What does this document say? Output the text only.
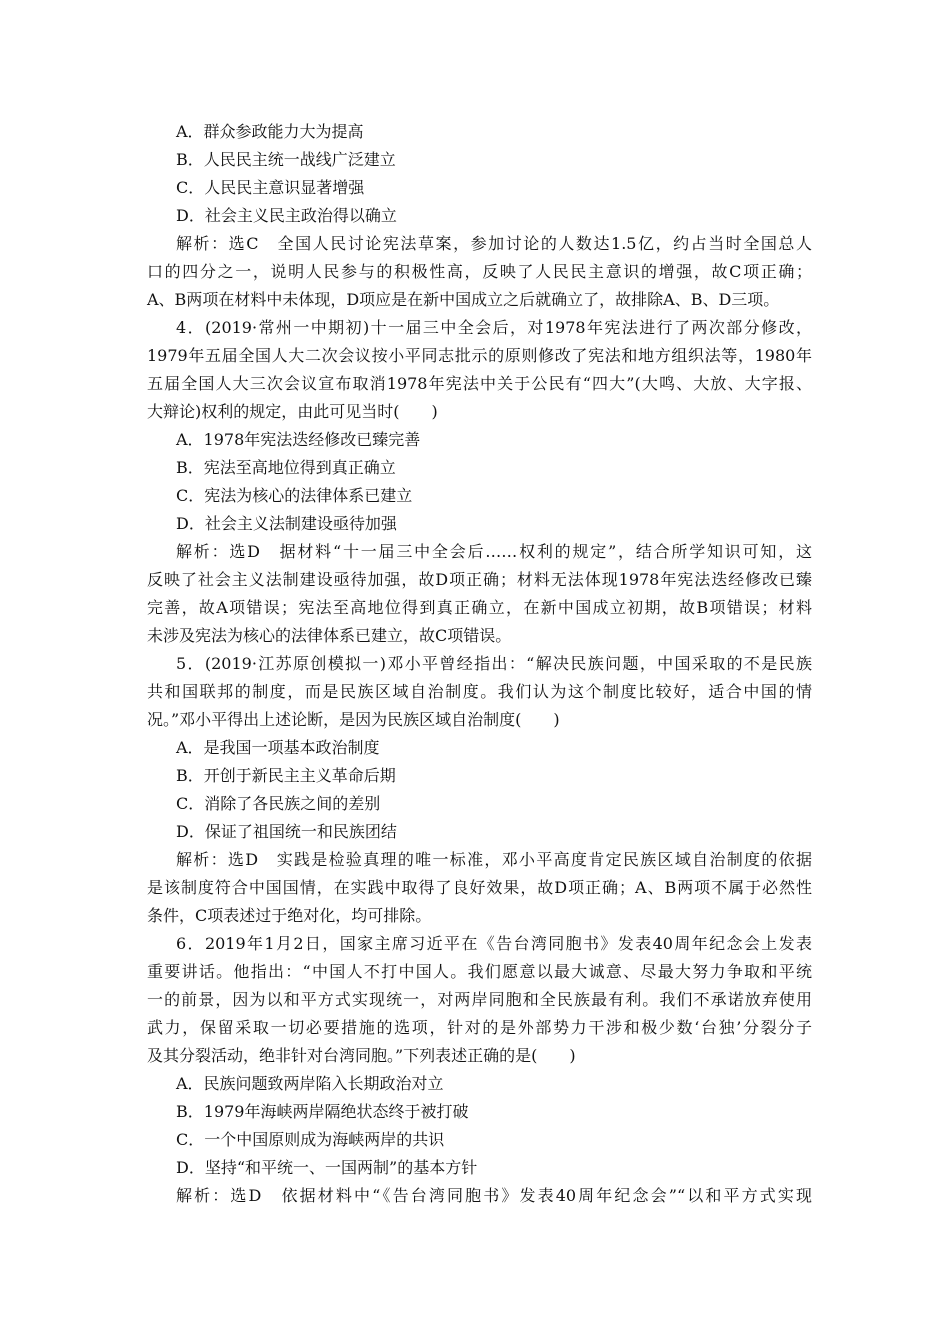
A．群众参政能力大为提高
B．人民民主统一战线广泛建立
C．人民民主意识显著增强
D．社会主义民主政治得以确立
解析：选C　全国人民讨论宪法草案，参加讨论的人数达1.5亿，约占当时全国总人
口的四分之一，说明人民参与的积极性高，反映了人民民主意识的增强，故C项正确；
A、B两项在材料中未体现，D项应是在新中国成立之后就确立了，故排除A、B、D三项。
4．(2019·常州一中期初)十一届三中全会后，对1978年宪法进行了两次部分修改，
1979年五届全国人大二次会议按小平同志批示的原则修改了宪法和地方组织法等，1980年
五届全国人大三次会议宣布取消1978年宪法中关于公民有“四大”(大鸣、大放、大字报、
大辩论)权利的规定，由此可见当时(　　)
A．1978年宪法迭经修改已臻完善
B．宪法至高地位得到真正确立
C．宪法为核心的法律体系已建立
D．社会主义法制建设亟待加强
解析：选D　据材料“十一届三中全会后……权利的规定”，结合所学知识可知，这
反映了社会主义法制建设亟待加强，故D项正确；材料无法体现1978年宪法迭经修改已臻
完善，故A项错误；宪法至高地位得到真正确立，在新中国成立初期，故B项错误；材料
未涉及宪法为核心的法律体系已建立，故C项错误。
5．(2019·江苏原创模拟一)邓小平曾经指出：“解决民族问题，中国采取的不是民族
共和国联邦的制度，而是民族区域自治制度。我们认为这个制度比较好，适合中国的情
况。”邓小平得出上述论断，是因为民族区域自治制度(　　)
A．是我国一项基本政治制度
B．开创于新民主主义革命后期
C．消除了各民族之间的差别
D．保证了祖国统一和民族团结
解析：选D　实践是检验真理的唯一标准，邓小平高度肯定民族区域自治制度的依据
是该制度符合中国国情，在实践中取得了良好效果，故D项正确；A、B两项不属于必然性
条件，C项表述过于绝对化，均可排除。
6．2019年1月2日，国家主席习近平在《告台湾同胞书》发表40周年纪念会上发表
重要讲话。他指出：“中国人不打中国人。我们愿意以最大诚意、尽最大努力争取和平统
一的前景，因为以和平方式实现统一，对两岸同胞和全民族最有利。我们不承诺放弃使用
武力，保留采取一切必要措施的选项，针对的是外部势力干涉和极少数‘台独’分裂分子
及其分裂活动，绝非针对台湾同胞。”下列表述正确的是(　　)
A．民族问题致两岸陷入长期政治对立
B．1979年海峡两岸隔绝状态终于被打破
C．一个中国原则成为海峡两岸的共识
D．坚持“和平统一、一国两制”的基本方针
解析：选D　依据材料中“《告台湾同胞书》发表40周年纪念会”“以和平方式实现
